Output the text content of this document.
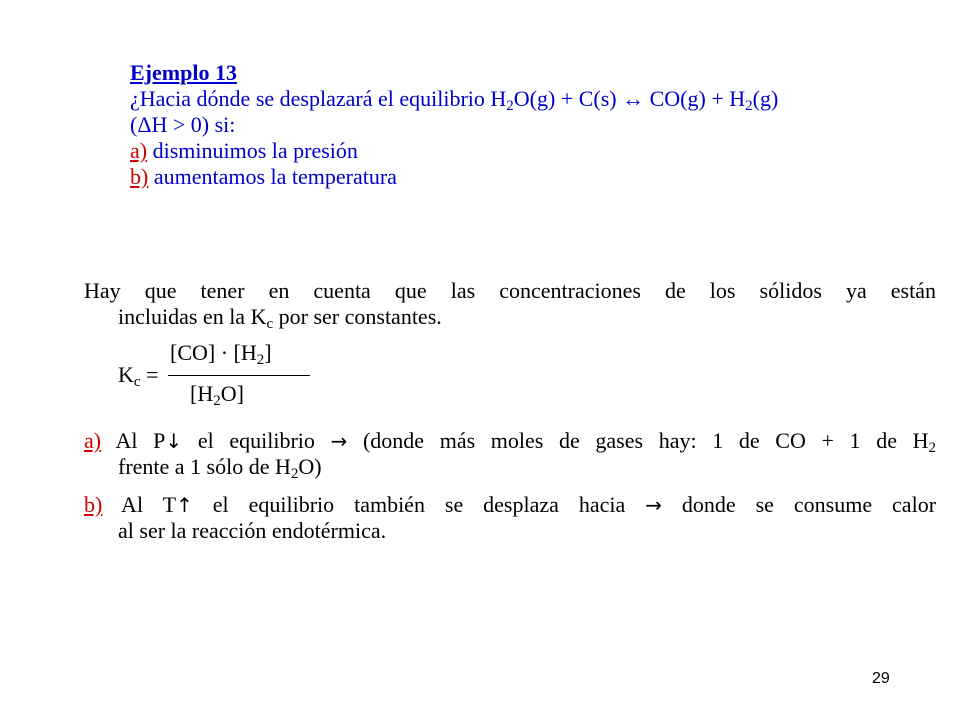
Ejemplo 13
¿Hacia dónde se desplazará el equilibrio $H_2O(g) + C(s)$ ↔ $CO(g) + H_2(g)$
(ΔH > 0) si:
a) disminuimos la presión
b) aumentamos la temperatura
Hay que tener en cuenta que las concentraciones de los sólidos ya están
incluidas en la $K_c$ por ser constantes.
$K_c$ =
$[CO] \cdot [H_2]$
$[H_2O]$
a) Al P↓ el equilibrio → (donde más moles de gases hay: 1 de CO + 1 de $H_2$
frente a 1 sólo de $H_2O$)
b) Al T↑ el equilibrio también se desplaza hacia → donde se consume calor
al ser la reacción endotérmica.
29
